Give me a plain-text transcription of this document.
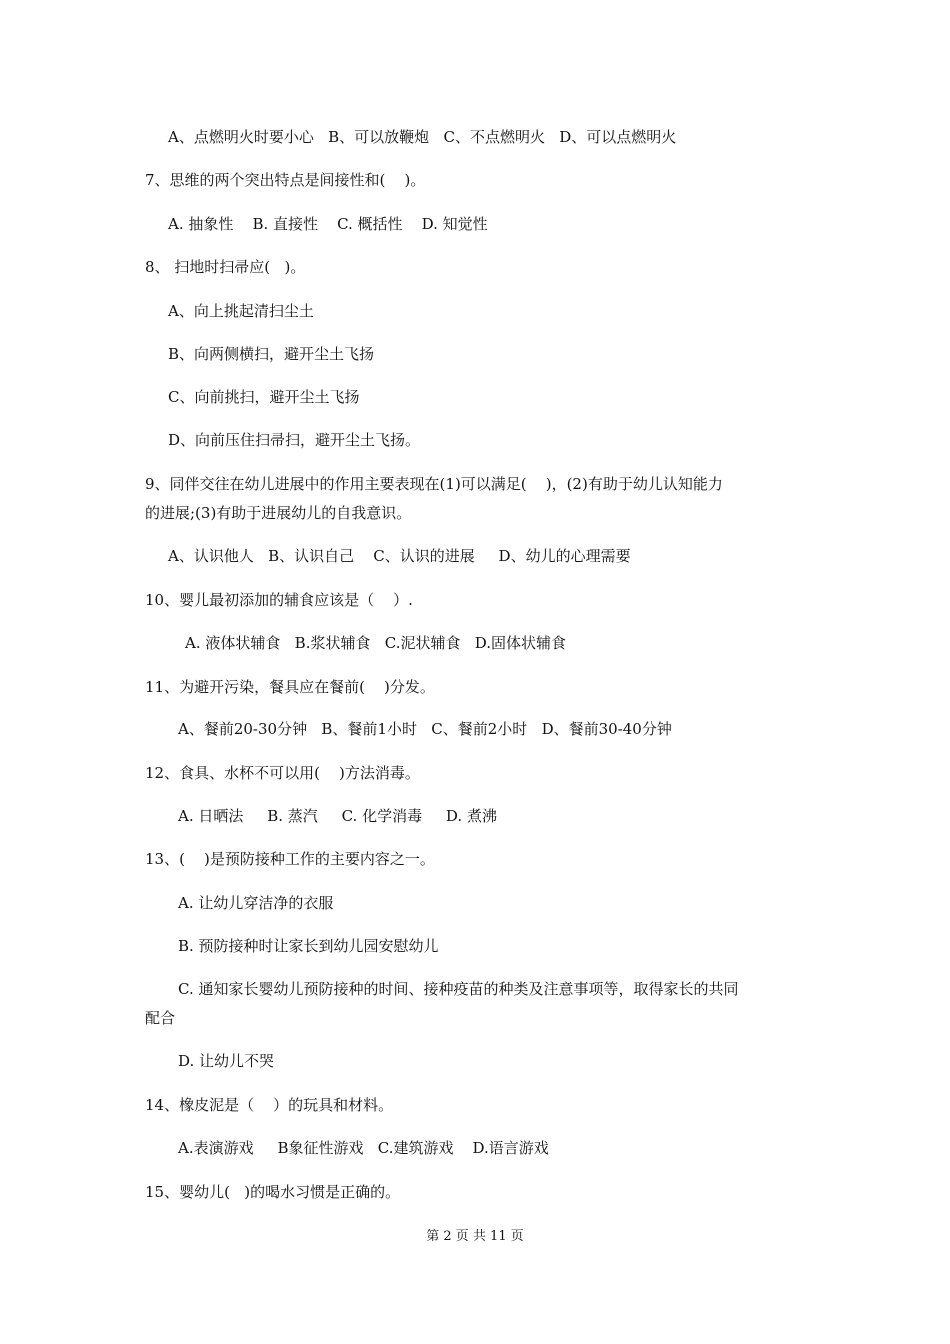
A、点燃明火时要小心   B、可以放鞭炮   C、不点燃明火   D、可以点燃明火
7、思维的两个突出特点是间接性和(    )。
A. 抽象性    B. 直接性    C. 概括性    D. 知觉性
8、 扫地时扫帚应(   )。
A、向上挑起清扫尘土
B、向两侧横扫，避开尘土飞扬
C、向前挑扫，避开尘土飞扬
D、向前压住扫帚扫，避开尘土飞扬。
9、同伴交往在幼儿进展中的作用主要表现在(1)可以满足(    )，(2)有助于幼儿认知能力
的进展;(3)有助于进展幼儿的自我意识。
A、认识他人   B、认识自己    C、认识的进展     D、幼儿的心理需要
10、婴儿最初添加的辅食应该是（    ）.
A. 液体状辅食   B.浆状辅食   C.泥状辅食   D.固体状辅食
11、为避开污染，餐具应在餐前(    )分发。
A、餐前20-30分钟   B、餐前1小时   C、餐前2小时   D、餐前30-40分钟
12、食具、水杯不可以用(    )方法消毒。
A. 日晒法     B. 蒸汽     C. 化学消毒     D. 煮沸
13、(    )是预防接种工作的主要内容之一。
A. 让幼儿穿洁净的衣服
B. 预防接种时让家长到幼儿园安慰幼儿
C. 通知家长婴幼儿预防接种的时间、接种疫苗的种类及注意事项等，取得家长的共同
配合
D. 让幼儿不哭
14、橡皮泥是（    ）的玩具和材料。
A.表演游戏     B象征性游戏   C.建筑游戏    D.语言游戏
15、婴幼儿(   )的喝水习惯是正确的。
第 2 页 共 11 页
